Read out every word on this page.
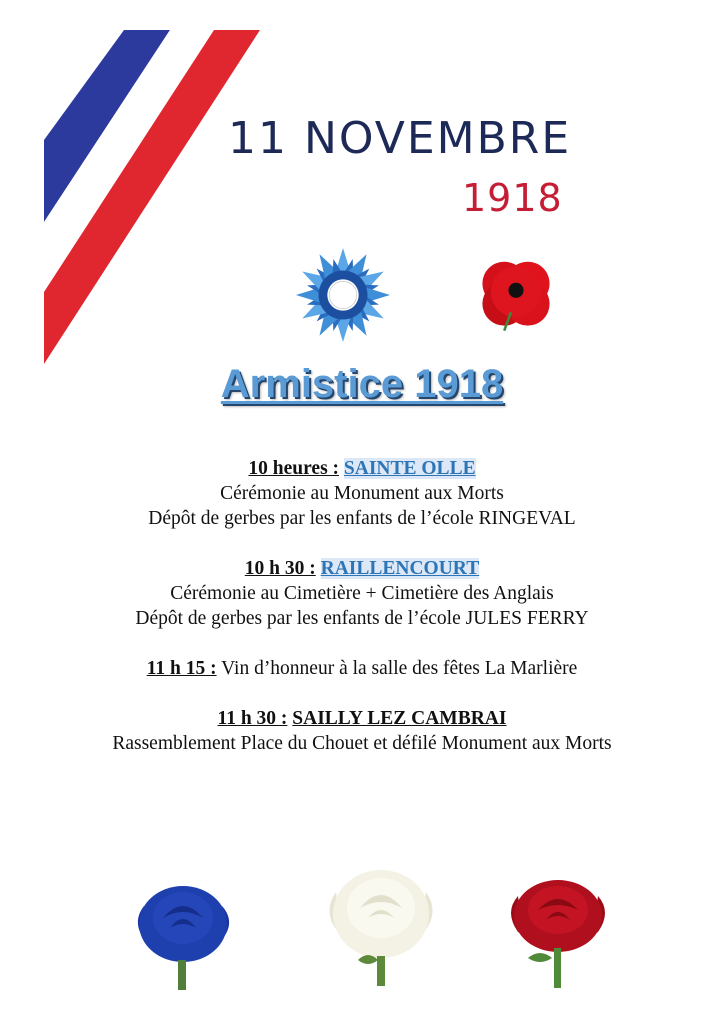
11 NOVEMBRE
1918
Armistice 1918

10 heures : SAINTE OLLE

Cérémonie au Monument aux Morts

Dépôt de gerbes par les enfants de l’école RINGEVAL

10 h 30 : RAILLENCOURT

Cérémonie au Cimetière + Cimetière des Anglais

Dépôt de gerbes par les enfants de l’école JULES FERRY

11 h 15 : Vin d’honneur à la salle des fêtes La Marlière

11 h 30 : SAILLY LEZ CAMBRAI

Rassemblement Place du Chouet et défilé Monument aux Morts
